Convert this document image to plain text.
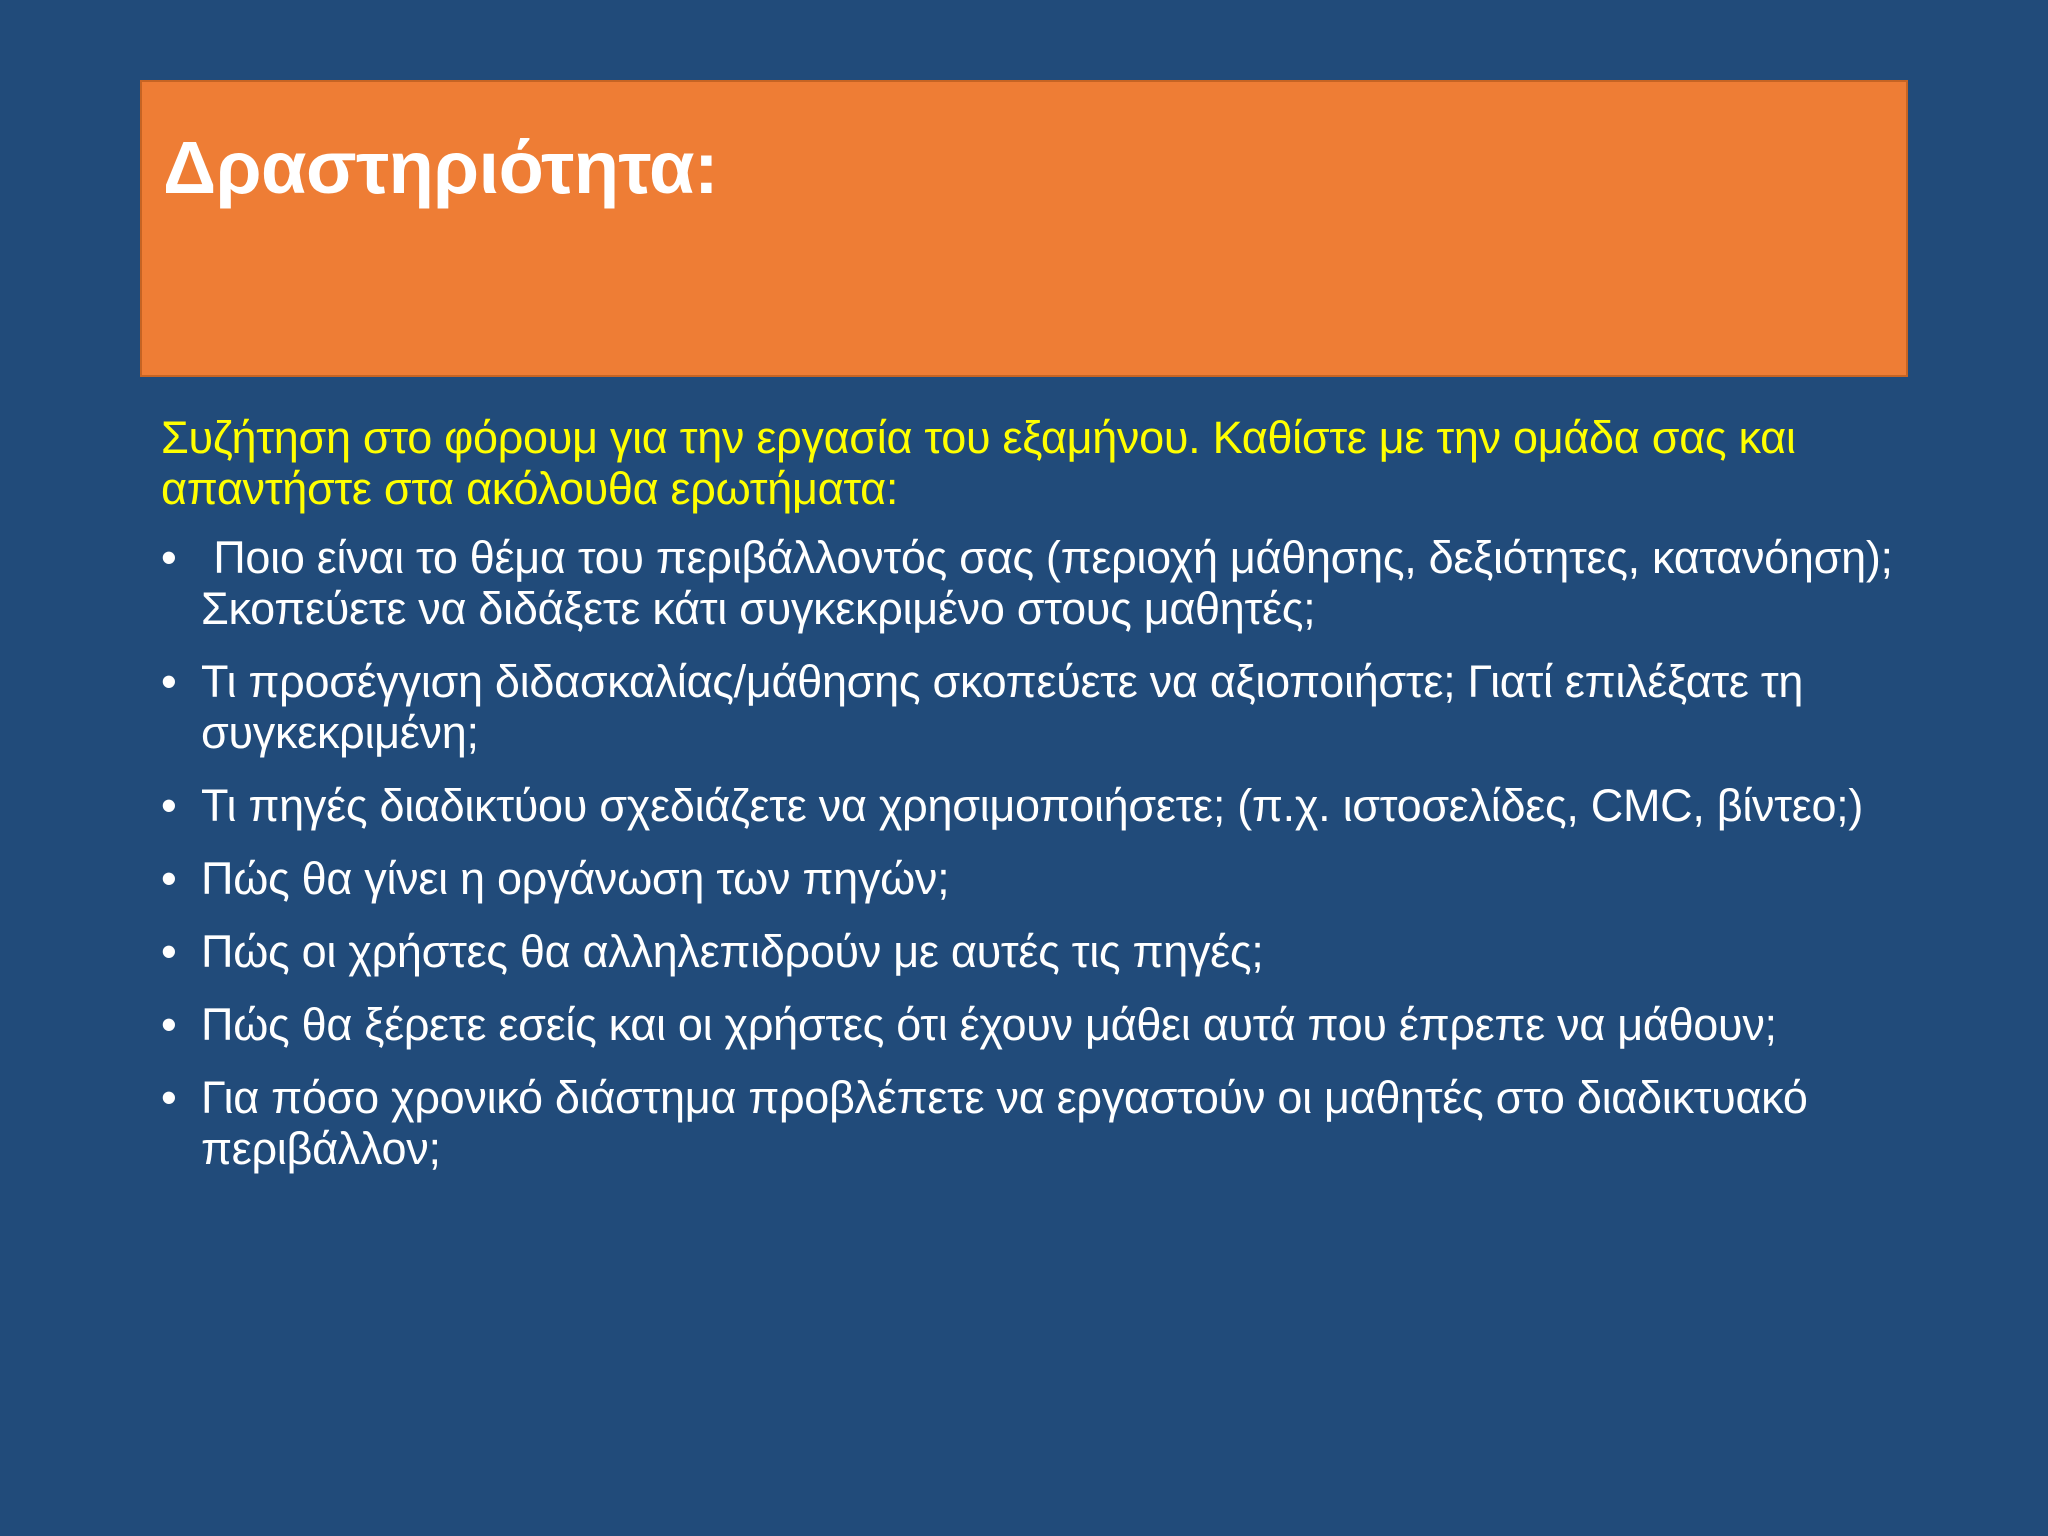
Δραστηριότητα:

Συζήτηση στο φόρουμ για την εργασία του εξαμήνου. Καθίστε με την ομάδα σας και απαντήστε στα ακόλουθα ερωτήματα:

• Ποιο είναι το θέμα του περιβάλλοντός σας (περιοχή μάθησης, δεξιότητες, κατανόηση); Σκοπεύετε να διδάξετε κάτι συγκεκριμένο στους μαθητές;
• Τι προσέγγιση διδασκαλίας/μάθησης σκοπεύετε να αξιοποιήστε; Γιατί επιλέξατε τη συγκεκριμένη;
• Τι πηγές διαδικτύου σχεδιάζετε να χρησιμοποιήσετε; (π.χ. ιστοσελίδες, CMC, βίντεο;)
• Πώς θα γίνει η οργάνωση των πηγών;
• Πώς οι χρήστες θα αλληλεπιδρούν με αυτές τις πηγές;
• Πώς θα ξέρετε εσείς και οι χρήστες ότι έχουν μάθει αυτά που έπρεπε να μάθουν;
• Για πόσο χρονικό διάστημα προβλέπετε να εργαστούν οι μαθητές στο διαδικτυακό περιβάλλον;
